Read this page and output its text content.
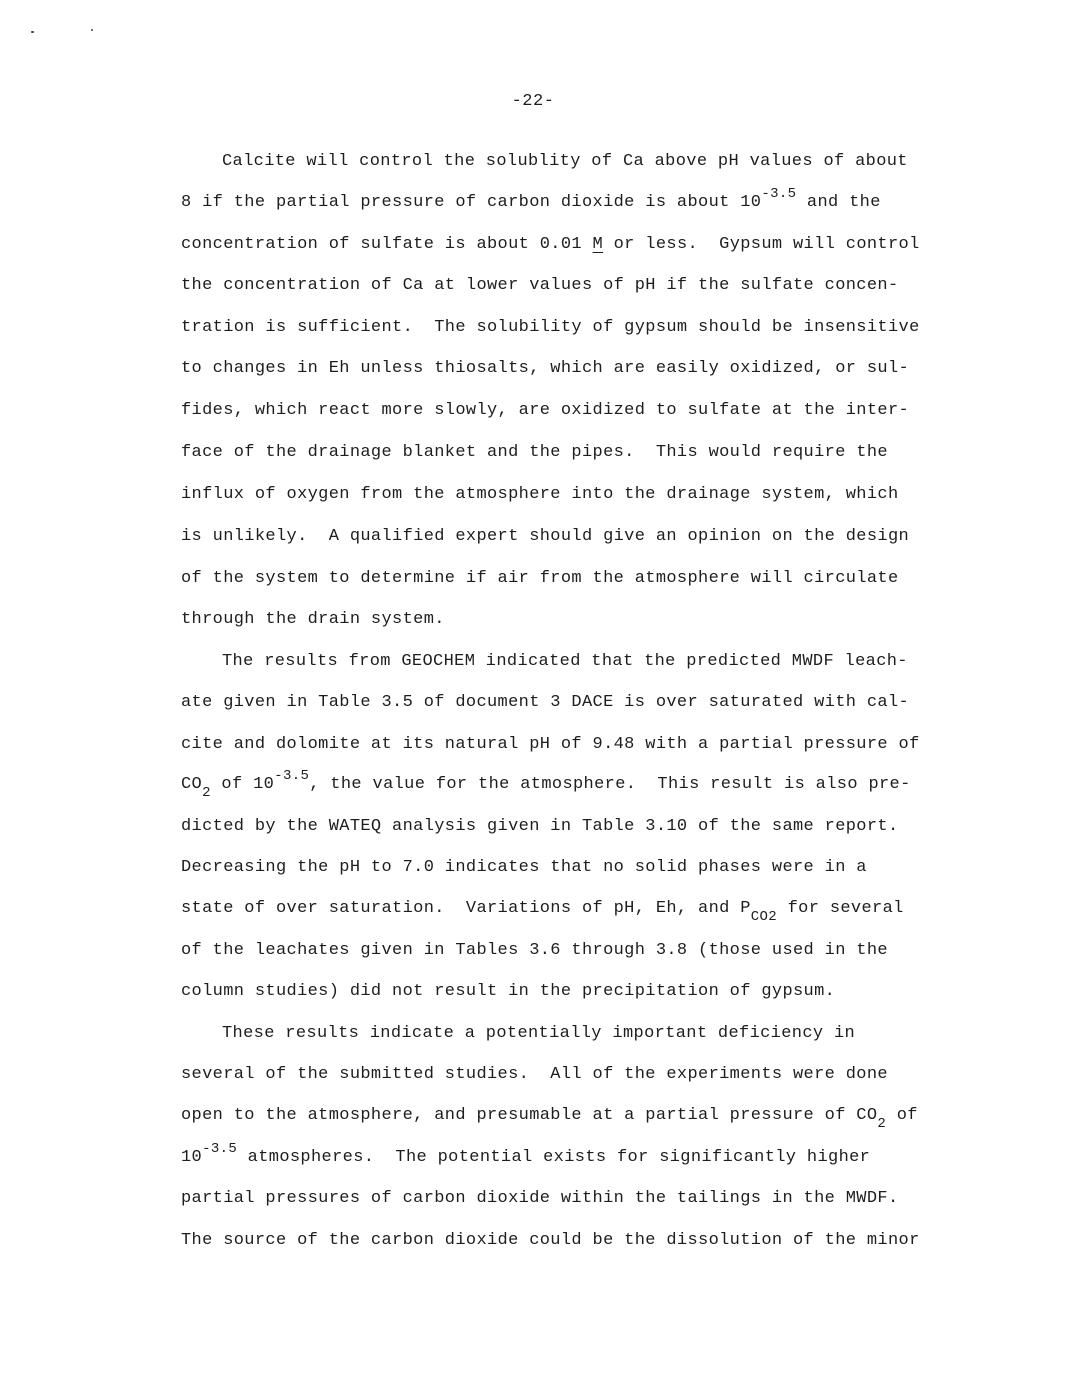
-22-
Calcite will control the solublity of Ca above pH values of about
8 if the partial pressure of carbon dioxide is about $10^{-3.5}$ and the
concentration of sulfate is about 0.01 M or less.  Gypsum will control
the concentration of Ca at lower values of pH if the sulfate concen-
tration is sufficient.  The solubility of gypsum should be insensitive
to changes in Eh unless thiosalts, which are easily oxidized, or sul-
fides, which react more slowly, are oxidized to sulfate at the inter-
face of the drainage blanket and the pipes.  This would require the
influx of oxygen from the atmosphere into the drainage system, which
is unlikely.  A qualified expert should give an opinion on the design
of the system to determine if air from the atmosphere will circulate
through the drain system.
The results from GEOCHEM indicated that the predicted MWDF leach-
ate given in Table 3.5 of document 3 DACE is over saturated with cal-
cite and dolomite at its natural pH of 9.48 with a partial pressure of
$CO_2$ of $10^{-3.5}$, the value for the atmosphere.  This result is also pre-
dicted by the WATEQ analysis given in Table 3.10 of the same report.
Decreasing the pH to 7.0 indicates that no solid phases were in a
state of over saturation.  Variations of pH, Eh, and $P_{CO2}$ for several
of the leachates given in Tables 3.6 through 3.8 (those used in the
column studies) did not result in the precipitation of gypsum.
These results indicate a potentially important deficiency in
several of the submitted studies.  All of the experiments were done
open to the atmosphere, and presumable at a partial pressure of $CO_2$ of
$10^{-3.5}$ atmospheres.  The potential exists for significantly higher
partial pressures of carbon dioxide within the tailings in the MWDF.
The source of the carbon dioxide could be the dissolution of the minor
